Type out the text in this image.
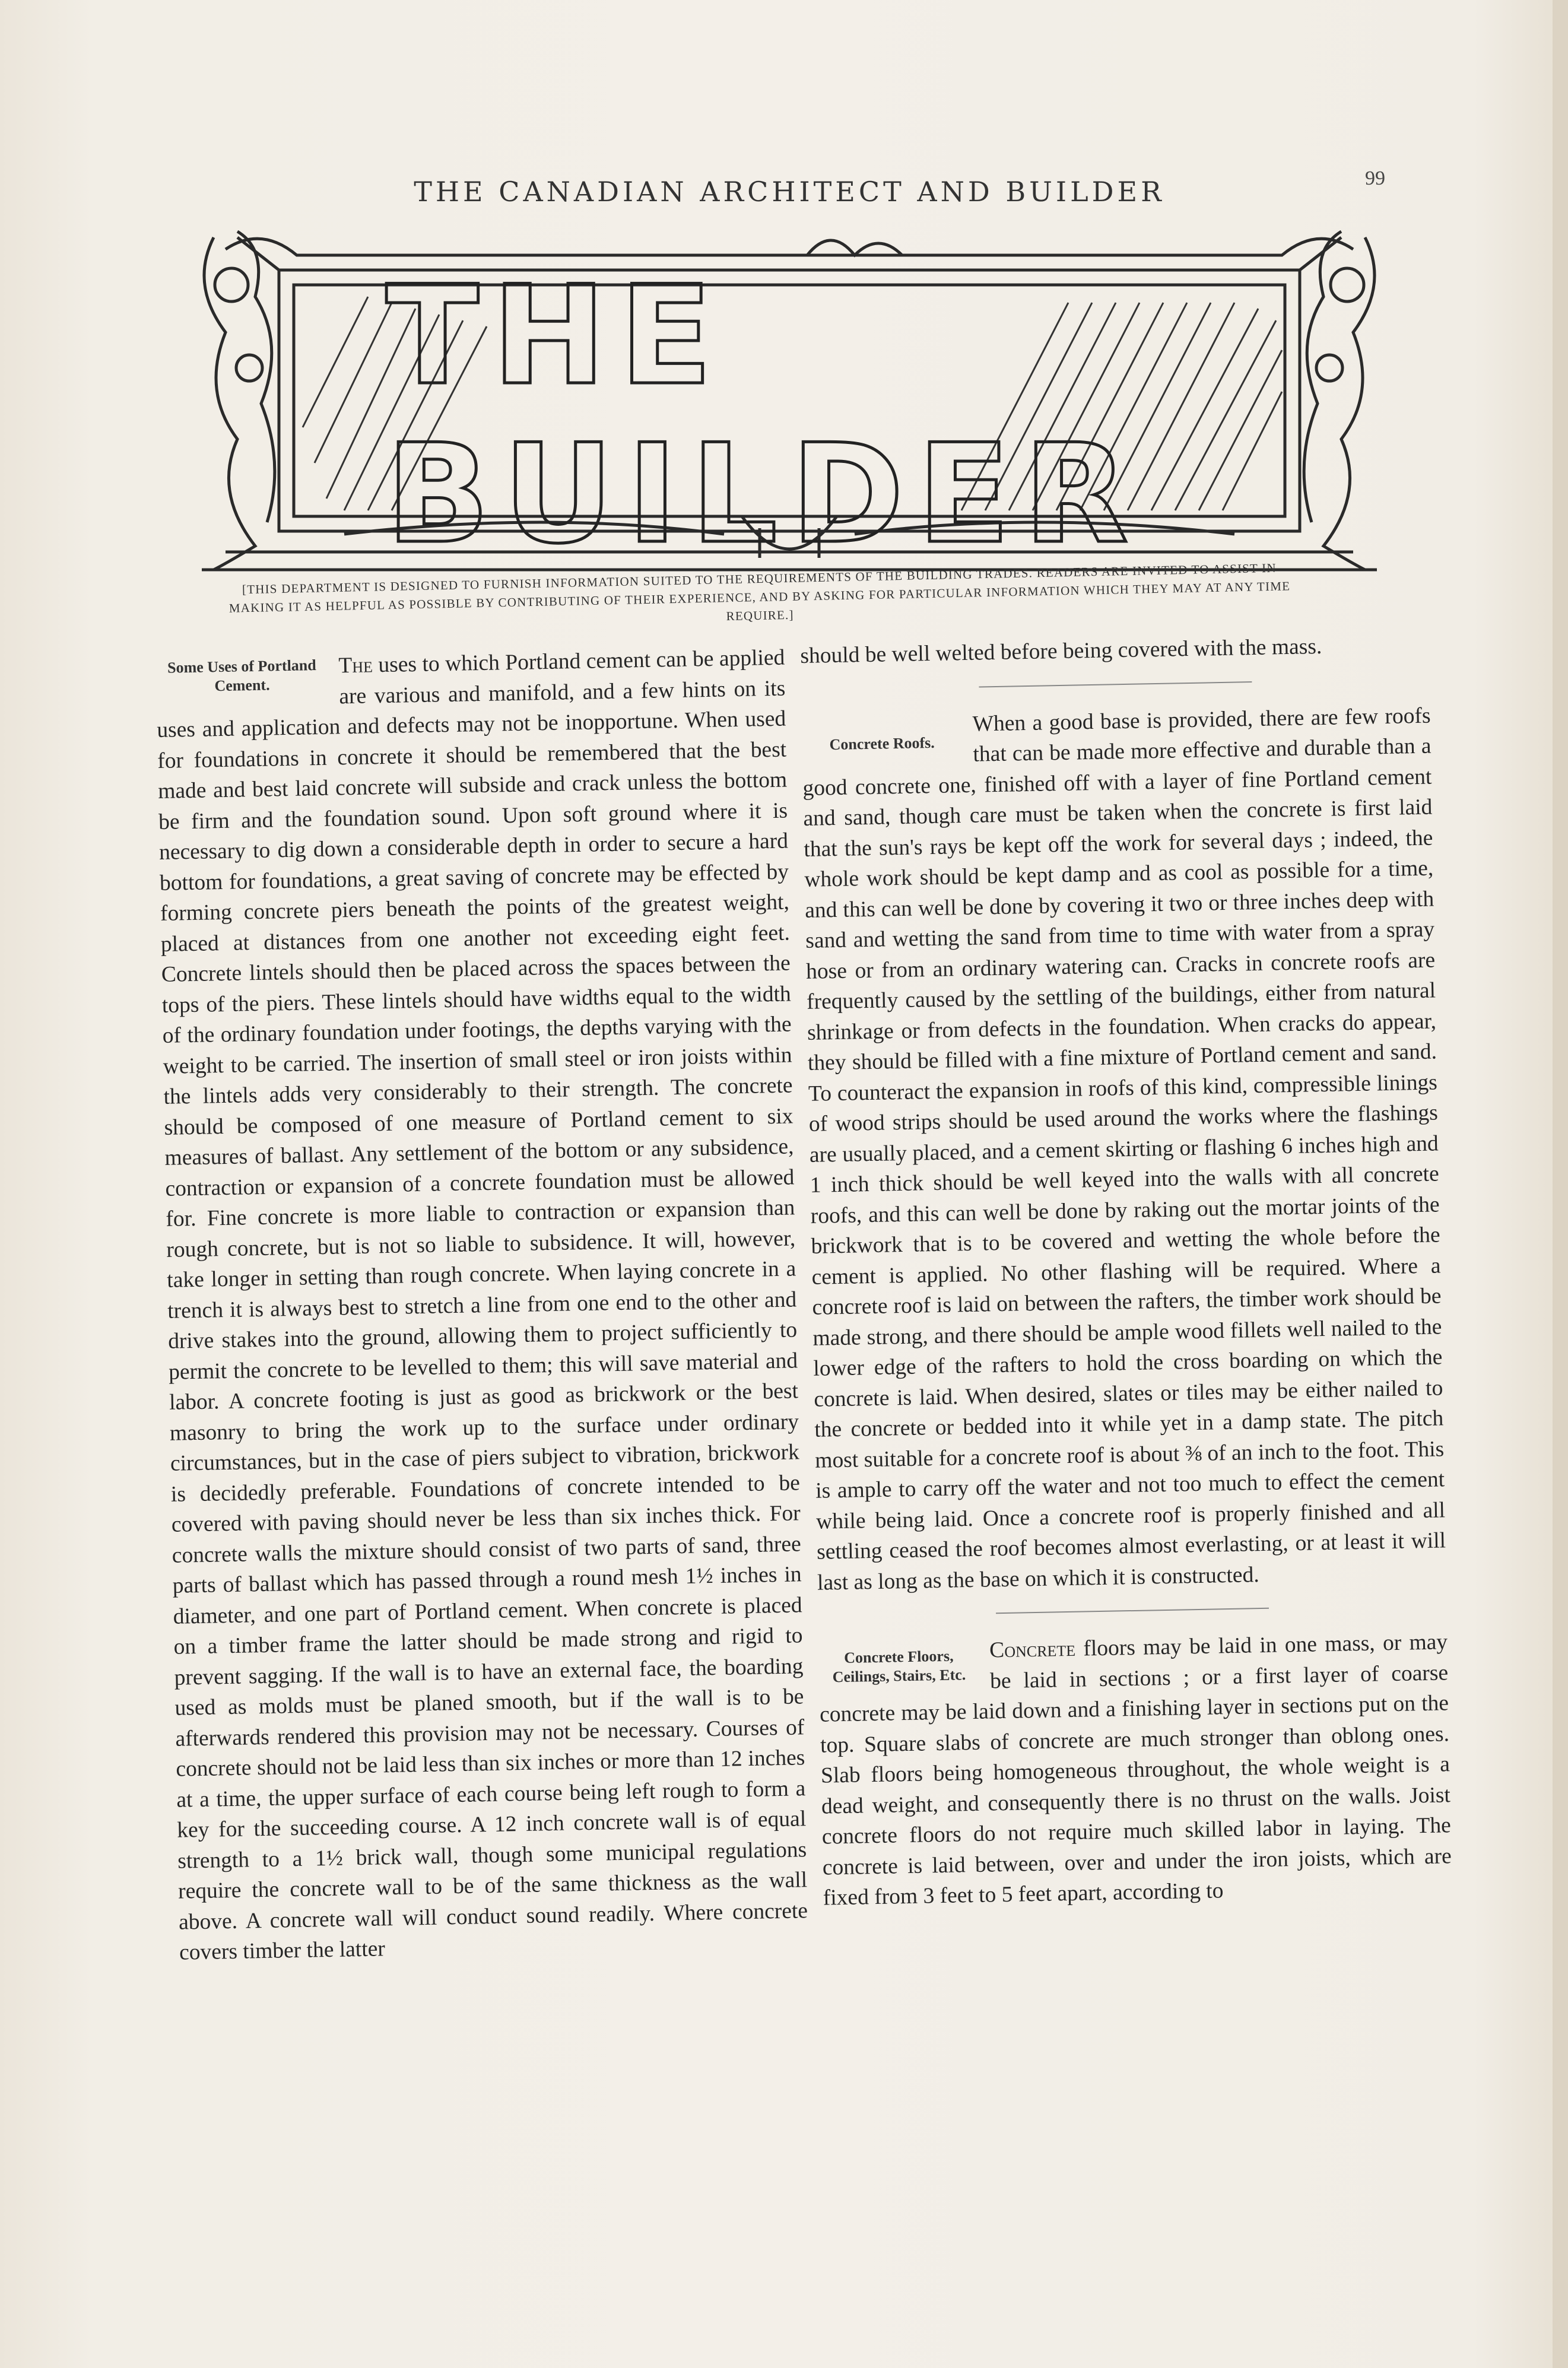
THE CANADIAN ARCHITECT AND BUILDER	99
THE BUILDER
[THIS DEPARTMENT IS DESIGNED TO FURNISH INFORMATION SUITED TO THE REQUIREMENTS OF THE BUILDING TRADES. READERS ARE INVITED TO ASSIST IN MAKING IT AS HELPFUL AS POSSIBLE BY CONTRIBUTING OF THEIR EXPERIENCE, AND BY ASKING FOR PARTICULAR INFORMATION WHICH THEY MAY AT ANY TIME REQUIRE.]
Some Uses of Portland Cement.

The uses to which Portland cement can be applied are various and manifold, and a few hints on its uses and application and defects may not be inopportune. When used for foundations in concrete it should be remembered that the best made and best laid concrete will subside and crack unless the bottom be firm and the foundation sound. Upon soft ground where it is necessary to dig down a considerable depth in order to secure a hard bottom for foundations, a great saving of concrete may be effected by forming concrete piers beneath the points of the greatest weight, placed at distances from one another not exceeding eight feet. Concrete lintels should then be placed across the spaces between the tops of the piers. These lintels should have widths equal to the width of the ordinary foundation under footings, the depths varying with the weight to be carried. The insertion of small steel or iron joists within the lintels adds very considerably to their strength. The concrete should be composed of one measure of Portland cement to six measures of ballast. Any settlement of the bottom or any subsidence, contraction or expansion of a concrete foundation must be allowed for. Fine concrete is more liable to contraction or expansion than rough concrete, but is not so liable to subsidence. It will, however, take longer in setting than rough concrete. When laying concrete in a trench it is always best to stretch a line from one end to the other and drive stakes into the ground, allowing them to project sufficiently to permit the concrete to be levelled to them; this will save material and labor. A concrete footing is just as good as brickwork or the best masonry to bring the work up to the surface under ordinary circumstances, but in the case of piers subject to vibration, brickwork is decidedly preferable. Foundations of concrete intended to be covered with paving should never be less than six inches thick. For concrete walls the mixture should consist of two parts of sand, three parts of ballast which has passed through a round mesh 1½ inches in diameter, and one part of Portland cement. When concrete is placed on a timber frame the latter should be made strong and rigid to prevent sagging. If the wall is to have an external face, the boarding used as molds must be planed smooth, but if the wall is to be afterwards rendered this provision may not be necessary. Courses of concrete should not be laid less than six inches or more than 12 inches at a time, the upper surface of each course being left rough to form a key for the succeeding course. A 12 inch concrete wall is of equal strength to a 1½ brick wall, though some municipal regulations require the concrete wall to be of the same thickness as the wall above. A concrete wall will conduct sound readily. Where concrete covers timber the latter

should be well welted before being covered with the mass.

Concrete Roofs.

When a good base is provided, there are few roofs that can be made more effective and durable than a good concrete one, finished off with a layer of fine Portland cement and sand, though care must be taken when the concrete is first laid that the sun's rays be kept off the work for several days ; indeed, the whole work should be kept damp and as cool as possible for a time, and this can well be done by covering it two or three inches deep with sand and wetting the sand from time to time with water from a spray hose or from an ordinary watering can. Cracks in concrete roofs are frequently caused by the settling of the buildings, either from natural shrinkage or from defects in the foundation. When cracks do appear, they should be filled with a fine mixture of Portland cement and sand. To counteract the expansion in roofs of this kind, compressible linings of wood strips should be used around the works where the flashings are usually placed, and a cement skirting or flashing 6 inches high and 1 inch thick should be well keyed into the walls with all concrete roofs, and this can well be done by raking out the mortar joints of the brickwork that is to be covered and wetting the whole before the cement is applied. No other flashing will be required. Where a concrete roof is laid on between the rafters, the timber work should be made strong, and there should be ample wood fillets well nailed to the lower edge of the rafters to hold the cross boarding on which the concrete is laid. When desired, slates or tiles may be either nailed to the concrete or bedded into it while yet in a damp state. The pitch most suitable for a concrete roof is about ⅜ of an inch to the foot. This is ample to carry off the water and not too much to effect the cement while being laid. Once a concrete roof is properly finished and all settling ceased the roof becomes almost everlasting, or at least it will last as long as the base on which it is constructed.

Concrete Floors, Ceilings, Stairs, Etc.

Concrete floors may be laid in one mass, or may be laid in sections ; or a first layer of coarse concrete may be laid down and a finishing layer in sections put on the top. Square slabs of concrete are much stronger than oblong ones. Slab floors being homogeneous throughout, the whole weight is a dead weight, and consequently there is no thrust on the walls. Joist concrete floors do not require much skilled labor in laying. The concrete is laid between, over and under the iron joists, which are fixed from 3 feet to 5 feet apart, according to
